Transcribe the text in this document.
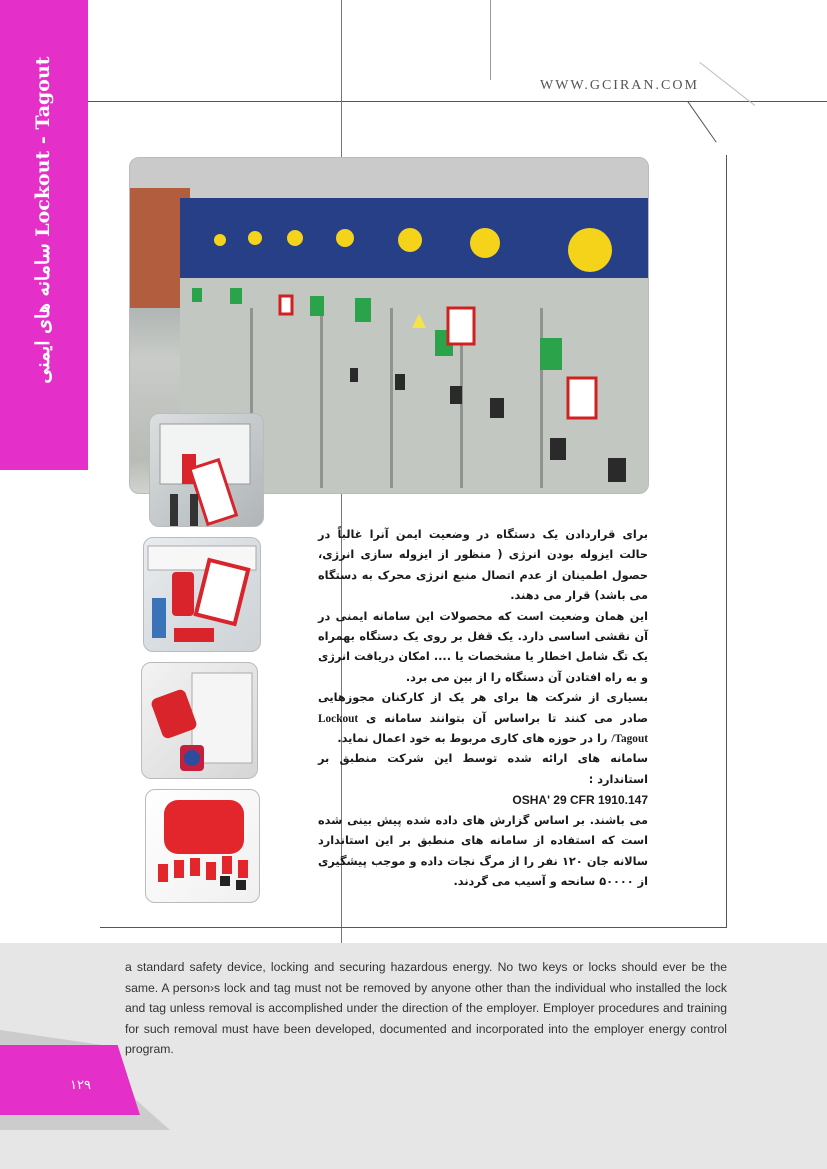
سامانه های ایمنی Lockout - Tagout	WWW.GCIRAN.COM

برای قراردادن یک دستگاه در وضعیت ایمن آنرا غالباً در حالت ایزوله بودن انرژی ( منظور از ایزوله سازی انرژی، حصول اطمینان از عدم اتصال منبع انرژی محرک به دستگاه می باشد) قرار می دهند.

این همان وضعیت است که محصولات این سامانه ایمنی در آن نقشی اساسی دارد. یک قفل بر روی یک دستگاه بهمراه یک تگ شامل اخطار یا مشخصات یا .... امکان دریافت انرژی و به راه افتادن آن دستگاه را از بین می برد.

بسیاری از شرکت ها برای هر یک از کارکنان مجوزهایی صادر می کنند تا براساس آن بتوانند سامانه ی Lockout /Tagout را در حوزه های کاری مربوط به خود اعمال نماید.

سامانه های ارائه شده توسط این شرکت منطبق بر استاندارد :

OSHA' 29 CFR 1910.147

می باشند. بر اساس گزارش های داده شده پیش بینی شده است که استفاده از سامانه های منطبق بر این استاندارد سالانه جان ۱۲۰ نفر را از مرگ نجات داده و موجب پیشگیری از ۵۰۰۰۰ سانحه و آسیب می گردند.

a standard safety device, locking and securing hazardous energy. No two keys or locks should ever be the same. A person›s lock and tag must not be removed by anyone other than the individual who installed the lock and tag unless removal is accomplished under the direction of the employer. Employer procedures and training for such removal must have been developed, documented and incorporated into the employer energy control program.
۱۲۹
